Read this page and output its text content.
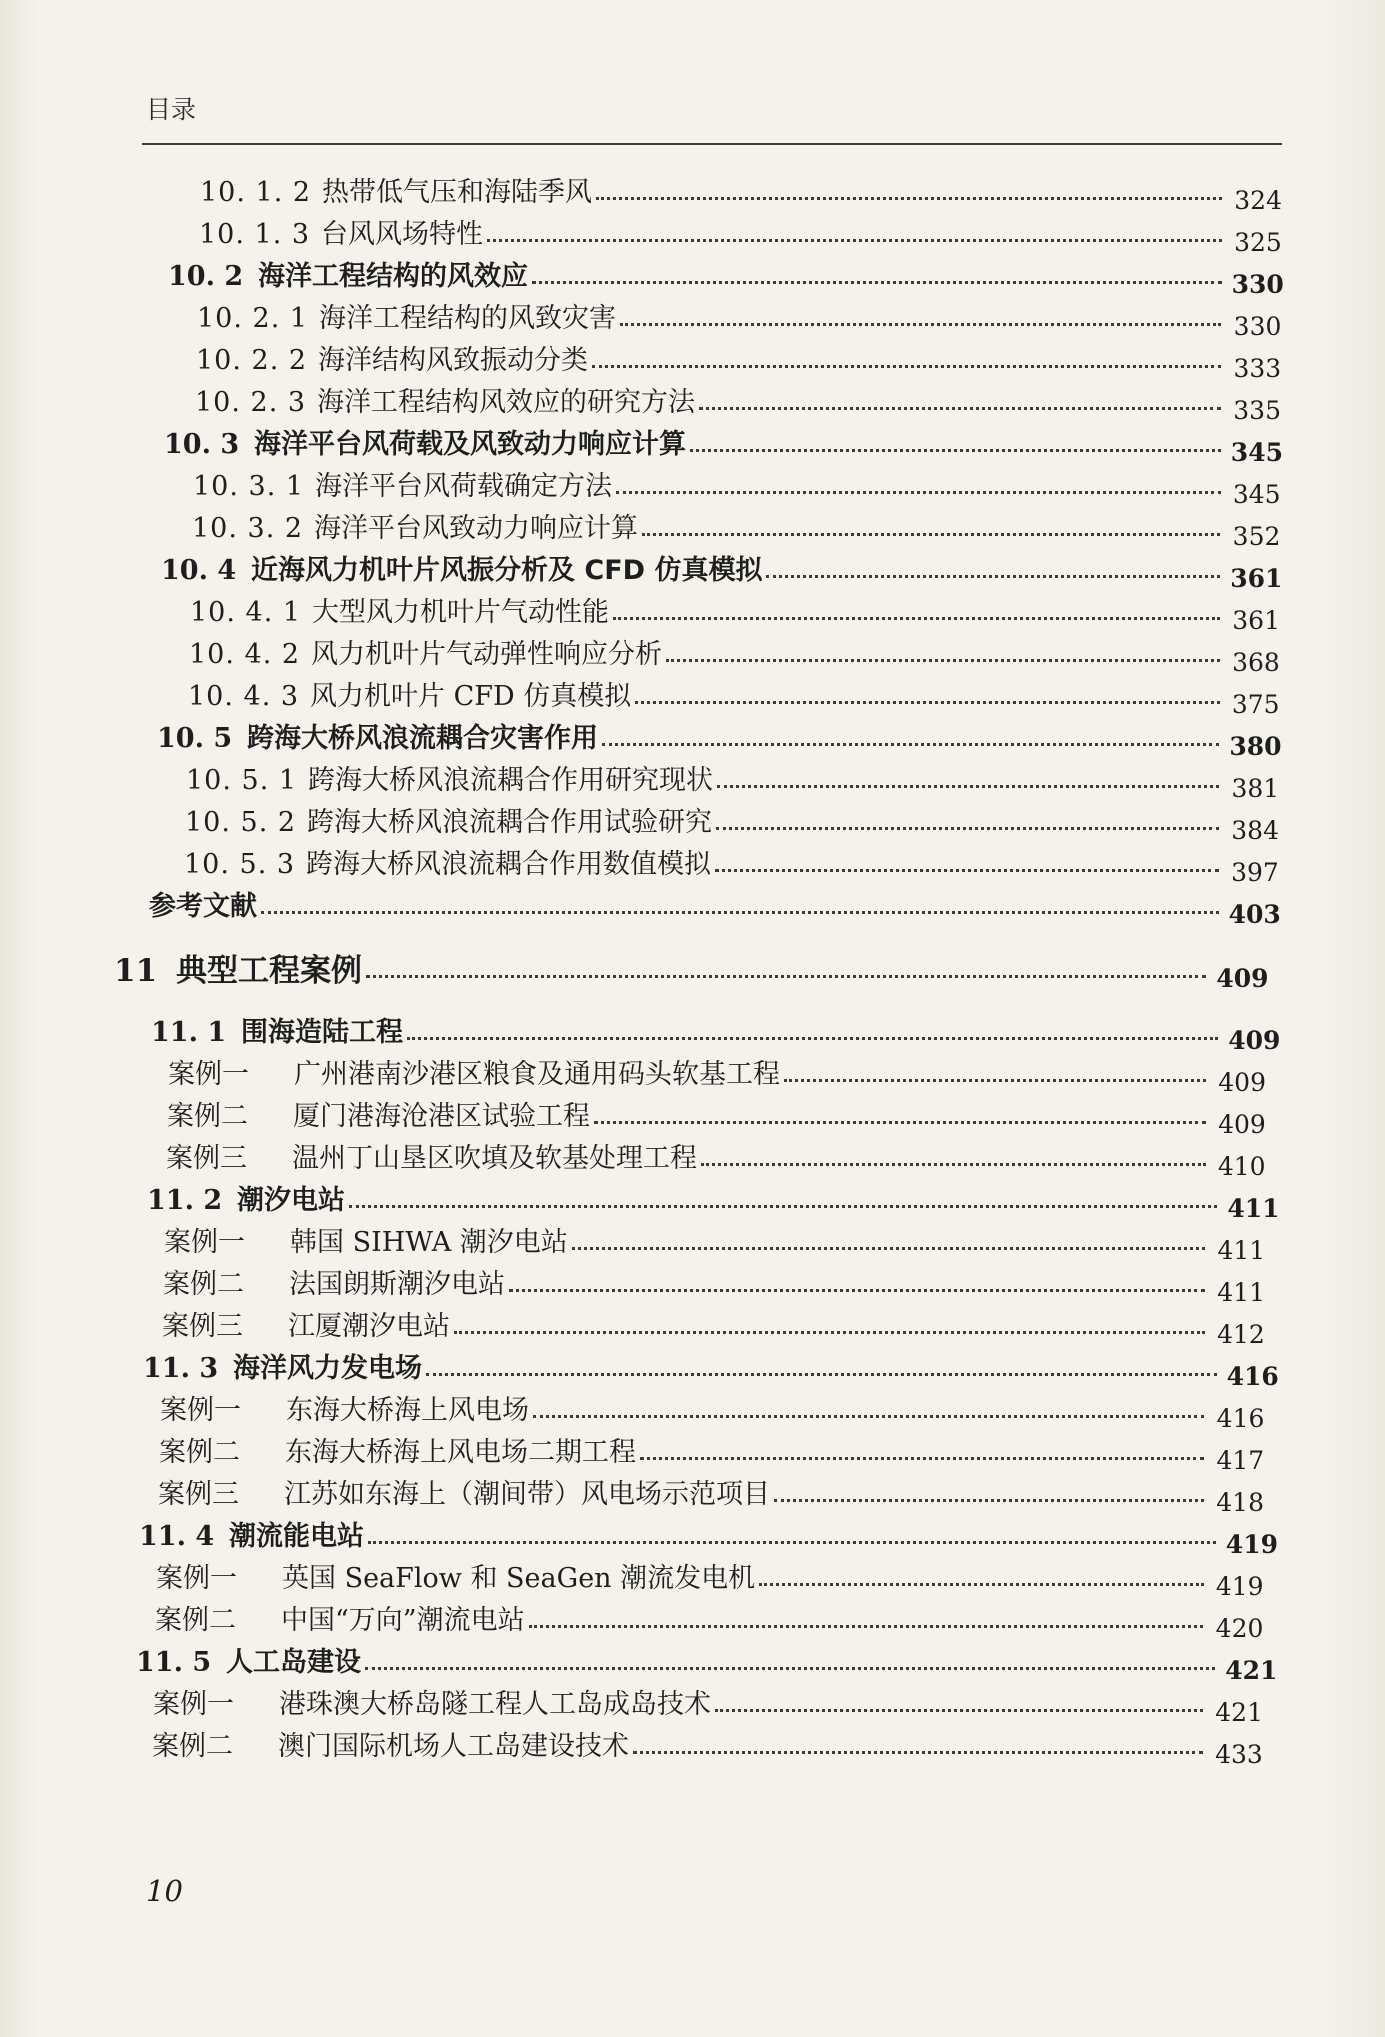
目录
10. 1. 2 热带低气压和海陆季风	324
10. 1. 3 台风风场特性	325
10. 2 海洋工程结构的风效应	330
10. 2. 1 海洋工程结构的风致灾害	330
10. 2. 2 海洋结构风致振动分类	333
10. 2. 3 海洋工程结构风效应的研究方法	335
10. 3 海洋平台风荷载及风致动力响应计算	345
10. 3. 1 海洋平台风荷载确定方法	345
10. 3. 2 海洋平台风致动力响应计算	352
10. 4 近海风力机叶片风振分析及 CFD 仿真模拟	361
10. 4. 1 大型风力机叶片气动性能	361
10. 4. 2 风力机叶片气动弹性响应分析	368
10. 4. 3 风力机叶片 CFD 仿真模拟	375
10. 5 跨海大桥风浪流耦合灾害作用	380
10. 5. 1 跨海大桥风浪流耦合作用研究现状	381
10. 5. 2 跨海大桥风浪流耦合作用试验研究	384
10. 5. 3 跨海大桥风浪流耦合作用数值模拟	397
参考文献	403
11 典型工程案例	409
11. 1 围海造陆工程	409
案例一	广州港南沙港区粮食及通用码头软基工程	409
案例二	厦门港海沧港区试验工程	409
案例三	温州丁山垦区吹填及软基处理工程	410
11. 2 潮汐电站	411
案例一	韩国 SIHWA 潮汐电站	411
案例二	法国朗斯潮汐电站	411
案例三	江厦潮汐电站	412
11. 3 海洋风力发电场	416
案例一	东海大桥海上风电场	416
案例二	东海大桥海上风电场二期工程	417
案例三	江苏如东海上（潮间带）风电场示范项目	418
11. 4 潮流能电站	419
案例一	英国 SeaFlow 和 SeaGen 潮流发电机	419
案例二	中国“万向”潮流电站	420
11. 5 人工岛建设	421
案例一	港珠澳大桥岛隧工程人工岛成岛技术	421
案例二	澳门国际机场人工岛建设技术	433
10
